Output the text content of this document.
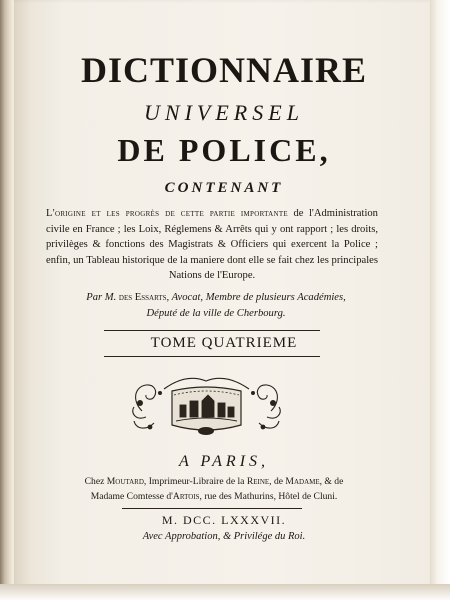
DICTIONNAIRE
UNIVERSEL
DE POLICE,
CONTENANT
L'origine et les progrès de cette partie importante de l'Administration civile en France ; les Loix, Réglemens & Arrêts qui y ont rapport ; les droits, privilèges & fonctions des Magistrats & Officiers qui exercent la Police ; enfin, un Tableau historique de la maniere dont elle se fait chez les principales Nations de l'Europe.
Par M. des Essarts, Avocat, Membre de plusieurs Académies,
Député de la ville de Cherbourg.
TOME QUATRIEME
A PARIS,
Chez Moutard, Imprimeur-Libraire de la Reine, de Madame, & de
Madame Comtesse d'Artois, rue des Mathurins, Hôtel de Cluni.
M. DCC. LXXXVII.
Avec Approbation, & Privilége du Roi.
